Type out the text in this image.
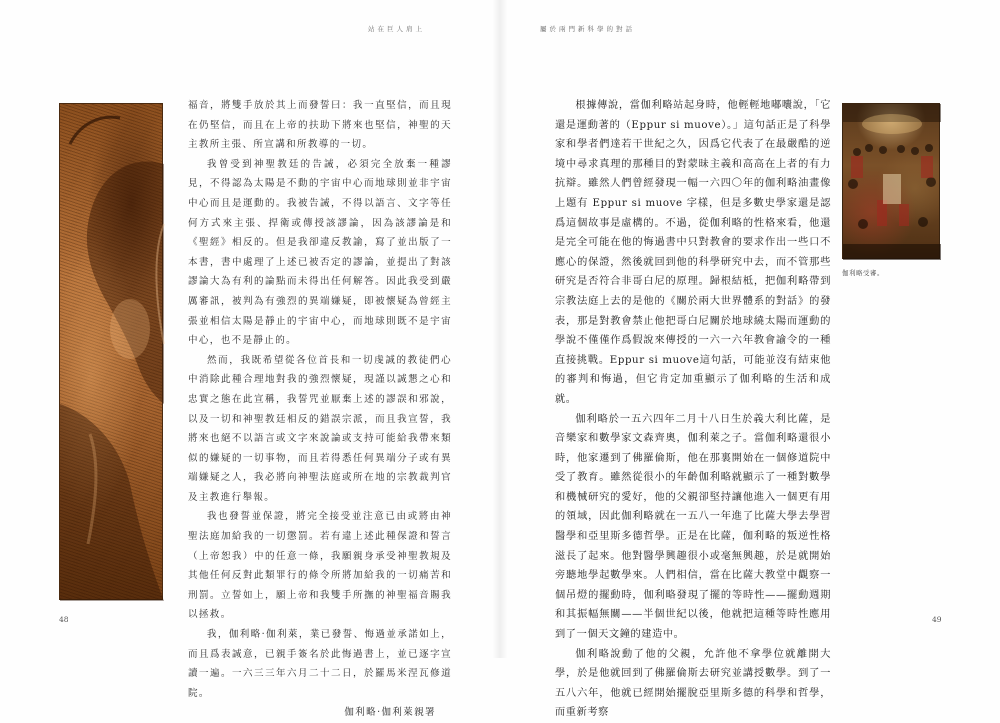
站在巨人肩上

福音，將雙手放於其上而發誓曰：我一直堅信，而且現在仍堅信，而且在上帝的扶助下將來也堅信，神聖的天主教所主張、所宣講和所教導的一切。

我曾受到神聖教廷的告誡，必須完全放棄一種謬見，不得認為太陽是不動的宇宙中心而地球則並非宇宙中心而且是運動的。我被告誡，不得以語言、文字等任何方式來主張、捍衛或傳授該謬論，因為該謬論是和《聖經》相反的。但是我卻違反教諭，寫了並出版了一本書，書中處理了上述已被否定的謬論，並提出了對該謬論大為有利的論點而未得出任何解答。因此我受到嚴厲審訊，被判為有強烈的異端嫌疑，即被懷疑為曾經主張並相信太陽是靜止的宇宙中心，而地球則既不是宇宙中心，也不是靜止的。

然而，我既希望從各位首長和一切虔誠的教徒們心中消除此種合理地對我的強烈懷疑，現謹以誠懇之心和忠實之態在此宣稱，我誓咒並厭棄上述的謬誤和邪說，以及一切和神聖教廷相反的錯誤宗派，而且我宣誓，我將來也絕不以語言或文字來說論或支持可能給我帶來類似的嫌疑的一切事物，而且若得悉任何異端分子或有異端嫌疑之人，我必將向神聖法庭或所在地的宗教裁判官及主教進行舉報。

我也發誓並保證，將完全接受並注意已由或將由神聖法庭加給我的一切懲罰。若有違上述此種保證和誓言（上帝恕我）中的任意一條，我願親身承受神聖教規及其他任何反對此類罪行的條令所將加給我的一切痛苦和刑罰。立誓如上，願上帝和我雙手所撫的神聖福音賜我以拯救。

我，伽利略·伽利萊，業已發誓、悔過並承諾如上，而且爲表誠意，已親手簽名於此悔過書上，並已逐字宣讀一遍。一六三三年六月二十二日，於羅馬米涅瓦修道院。

伽利略·伽利萊親署

48
屬於兩門新科學的對話
49

根據傳說，當伽利略站起身時，他輕輕地嘟囔說，「它還是運動著的（Eppur si muove）。」這句話正是了科學家和學者們達若干世紀之久，因爲它代表了在最嚴酷的逆境中尋求真理的那種目的對蒙昧主義和高高在上者的有力抗辯。雖然人們曾經發現一幅一六四〇年的伽利略油畫像上題有 Eppur si muove 字樣，但是多數史學家還是認爲這個故事是虛構的。不過，從伽利略的性格來看，他還是完全可能在他的悔過書中只對教會的要求作出一些口不應心的保證，然後就回到他的科學研究中去，而不管那些研究是否符合非哥白尼的原理。歸根結柢，把伽利略帶到宗教法庭上去的是他的《關於兩大世界體系的對話》的發表，那是對教會禁止他把哥白尼關於地球繞太陽而運動的學說不僅僅作爲假說來傳授的一六一六年教會諭令的一種直接挑戰。Eppur si muove這句話，可能並沒有結束他的審判和悔過，但它肯定加重顯示了伽利略的生活和成就。

伽利略於一五六四年二月十八日生於義大利比薩，是音樂家和數學家文森齊奧，伽利萊之子。當伽利略還很小時，他家遷到了佛羅倫斯，他在那裏開始在一個修道院中受了教育。雖然從很小的年齡伽利略就顯示了一種對數學和機械研究的愛好，他的父親卻堅持讓他進入一個更有用的領域，因此伽利略就在一五八一年進了比薩大學去學習醫學和亞里斯多德哲學。正是在比薩，伽利略的叛逆性格滋長了起來。他對醫學興趣很小或毫無興趣，於是就開始旁聽地學起數學來。人們相信，當在比薩大教堂中觀察一個吊燈的擺動時，伽利略發現了擺的等時性——擺動週期和其振幅無關——半個世紀以後，他就把這種等時性應用到了一個天文鐘的建造中。

伽利略說動了他的父親，允許他不拿學位就離開大學，於是他就回到了佛羅倫斯去研究並講授數學。到了一五八六年，他就已經開始擺脫亞里斯多德的科學和哲學，而重新考察

伽利略受審。
